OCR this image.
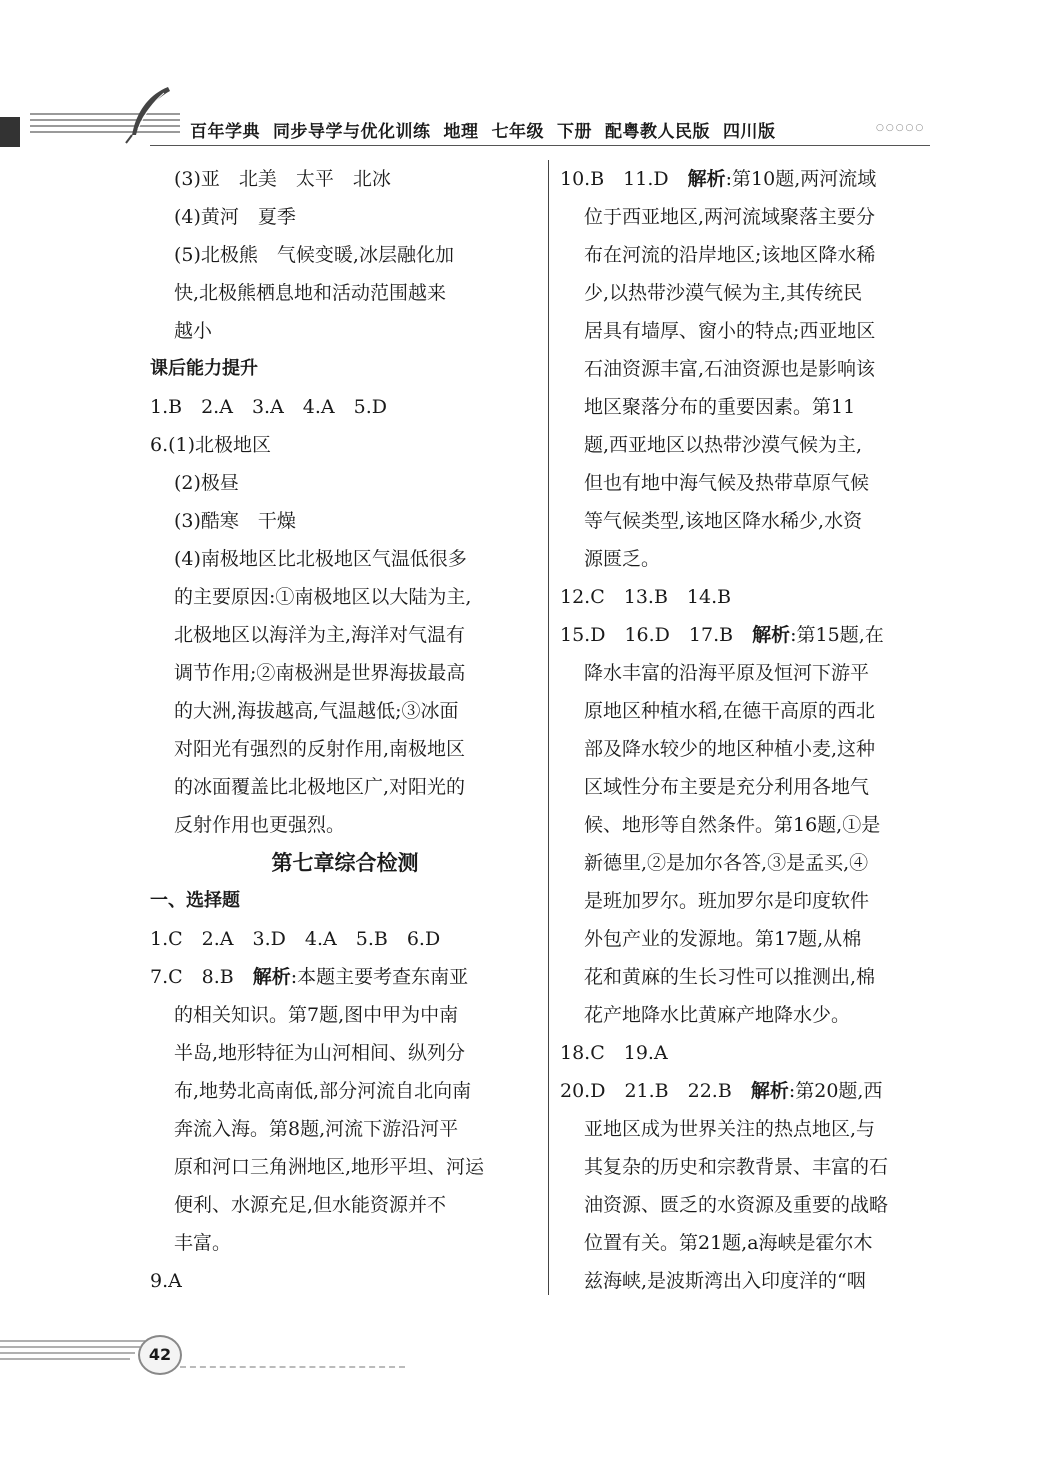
百年学典 同步导学与优化训练 地理 七年级 下册 配粤教人民版 四川版	○○○○○
(3)亚　北美　太平　北冰
(4)黄河　夏季
(5)北极熊　气候变暖,冰层融化加
快,北极熊栖息地和活动范围越来
越小
课后能力提升
1.B　2.A　3.A　4.A　5.D
6.(1)北极地区
(2)极昼
(3)酷寒　干燥
(4)南极地区比北极地区气温低很多
的主要原因:①南极地区以大陆为主,
北极地区以海洋为主,海洋对气温有
调节作用;②南极洲是世界海拔最高
的大洲,海拔越高,气温越低;③冰面
对阳光有强烈的反射作用,南极地区
的冰面覆盖比北极地区广,对阳光的
反射作用也更强烈。
第七章综合检测
一、选择题
1.C　2.A　3.D　4.A　5.B　6.D
7.C　8.B　解析:本题主要考查东南亚
的相关知识。第7题,图中甲为中南
半岛,地形特征为山河相间、纵列分
布,地势北高南低,部分河流自北向南
奔流入海。第8题,河流下游沿河平
原和河口三角洲地区,地形平坦、河运
便利、水源充足,但水能资源并不
丰富。
9.A
10.B　11.D　解析:第10题,两河流域
位于西亚地区,两河流域聚落主要分
布在河流的沿岸地区;该地区降水稀
少,以热带沙漠气候为主,其传统民
居具有墙厚、窗小的特点;西亚地区
石油资源丰富,石油资源也是影响该
地区聚落分布的重要因素。第11
题,西亚地区以热带沙漠气候为主,
但也有地中海气候及热带草原气候
等气候类型,该地区降水稀少,水资
源匮乏。
12.C　13.B　14.B
15.D　16.D　17.B　解析:第15题,在
降水丰富的沿海平原及恒河下游平
原地区种植水稻,在德干高原的西北
部及降水较少的地区种植小麦,这种
区域性分布主要是充分利用各地气
候、地形等自然条件。第16题,①是
新德里,②是加尔各答,③是孟买,④
是班加罗尔。班加罗尔是印度软件
外包产业的发源地。第17题,从棉
花和黄麻的生长习性可以推测出,棉
花产地降水比黄麻产地降水少。
18.C　19.A
20.D　21.B　22.B　解析:第20题,西
亚地区成为世界关注的热点地区,与
其复杂的历史和宗教背景、丰富的石
油资源、匮乏的水资源及重要的战略
位置有关。第21题,a海峡是霍尔木
兹海峡,是波斯湾出入印度洋的“咽
42
